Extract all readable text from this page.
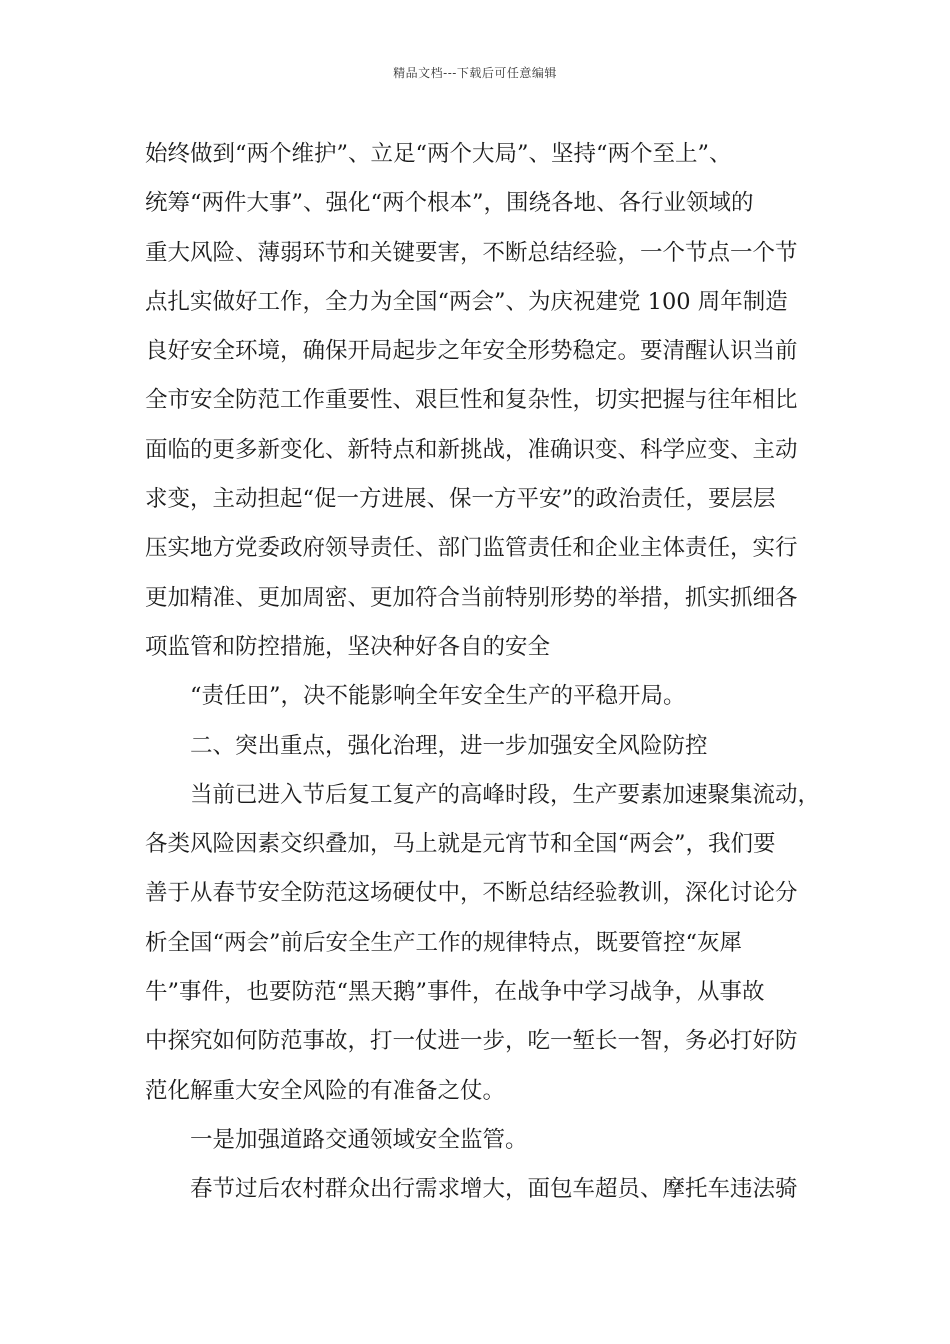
精品文档---下载后可任意编辑
始终做到“两个维护”、立足“两个大局”、坚持“两个至上”、
统筹“两件大事”、强化“两个根本”，围绕各地、各行业领域的
重大风险、薄弱环节和关键要害，不断总结经验，一个节点一个节
点扎实做好工作，全力为全国“两会”、为庆祝建党 100 周年制造
良好安全环境，确保开局起步之年安全形势稳定。要清醒认识当前
全市安全防范工作重要性、艰巨性和复杂性，切实把握与往年相比
面临的更多新变化、新特点和新挑战，准确识变、科学应变、主动
求变，主动担起“促一方进展、保一方平安”的政治责任，要层层
压实地方党委政府领导责任、部门监管责任和企业主体责任，实行
更加精准、更加周密、更加符合当前特别形势的举措，抓实抓细各
项监管和防控措施，坚决种好各自的安全
“责任田”，决不能影响全年安全生产的平稳开局。
二、突出重点，强化治理，进一步加强安全风险防控
当前已进入节后复工复产的高峰时段，生产要素加速聚集流动，
各类风险因素交织叠加，马上就是元宵节和全国“两会”，我们要
善于从春节安全防范这场硬仗中，不断总结经验教训，深化讨论分
析全国“两会”前后安全生产工作的规律特点，既要管控“灰犀
牛”事件，也要防范“黑天鹅”事件，在战争中学习战争，从事故
中探究如何防范事故，打一仗进一步，吃一堑长一智，务必打好防
范化解重大安全风险的有准备之仗。
一是加强道路交通领域安全监管。
春节过后农村群众出行需求增大，面包车超员、摩托车违法骑
